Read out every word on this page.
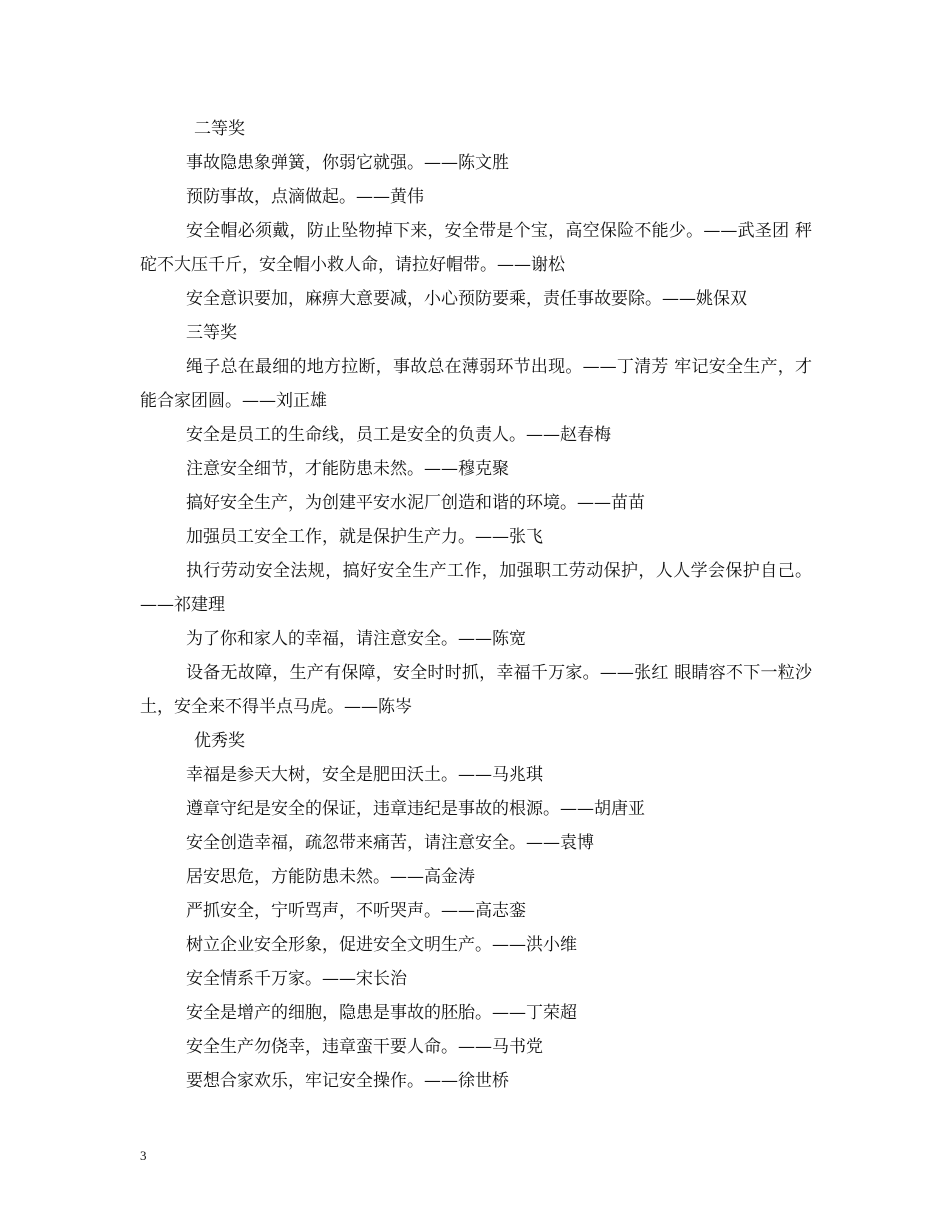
二等奖

事故隐患象弹簧，你弱它就强。——陈文胜

预防事故，点滴做起。——黄伟

安全帽必须戴，防止坠物掉下来，安全带是个宝，高空保险不能少。——武圣团 秤砣不大压千斤，安全帽小救人命，请拉好帽带。——谢松

安全意识要加，麻痹大意要减，小心预防要乘，责任事故要除。——姚保双

三等奖

绳子总在最细的地方拉断，事故总在薄弱环节出现。——丁清芳 牢记安全生产，才能合家团圆。——刘正雄

安全是员工的生命线，员工是安全的负责人。——赵春梅

注意安全细节，才能防患未然。——穆克聚

搞好安全生产，为创建平安水泥厂创造和谐的环境。——苗苗

加强员工安全工作，就是保护生产力。——张飞

执行劳动安全法规，搞好安全生产工作，加强职工劳动保护，人人学会保护自己。——祁建理

为了你和家人的幸福，请注意安全。——陈宽

设备无故障，生产有保障，安全时时抓，幸福千万家。——张红 眼睛容不下一粒沙土，安全来不得半点马虎。——陈岑

优秀奖

幸福是参天大树，安全是肥田沃土。——马兆琪

遵章守纪是安全的保证，违章违纪是事故的根源。——胡唐亚

安全创造幸福，疏忽带来痛苦，请注意安全。——袁博

居安思危，方能防患未然。——高金涛

严抓安全，宁听骂声，不听哭声。——高志銮

树立企业安全形象，促进安全文明生产。——洪小维

安全情系千万家。——宋长治

安全是增产的细胞，隐患是事故的胚胎。——丁荣超

安全生产勿侥幸，违章蛮干要人命。——马书党

要想合家欢乐，牢记安全操作。——徐世桥

3
